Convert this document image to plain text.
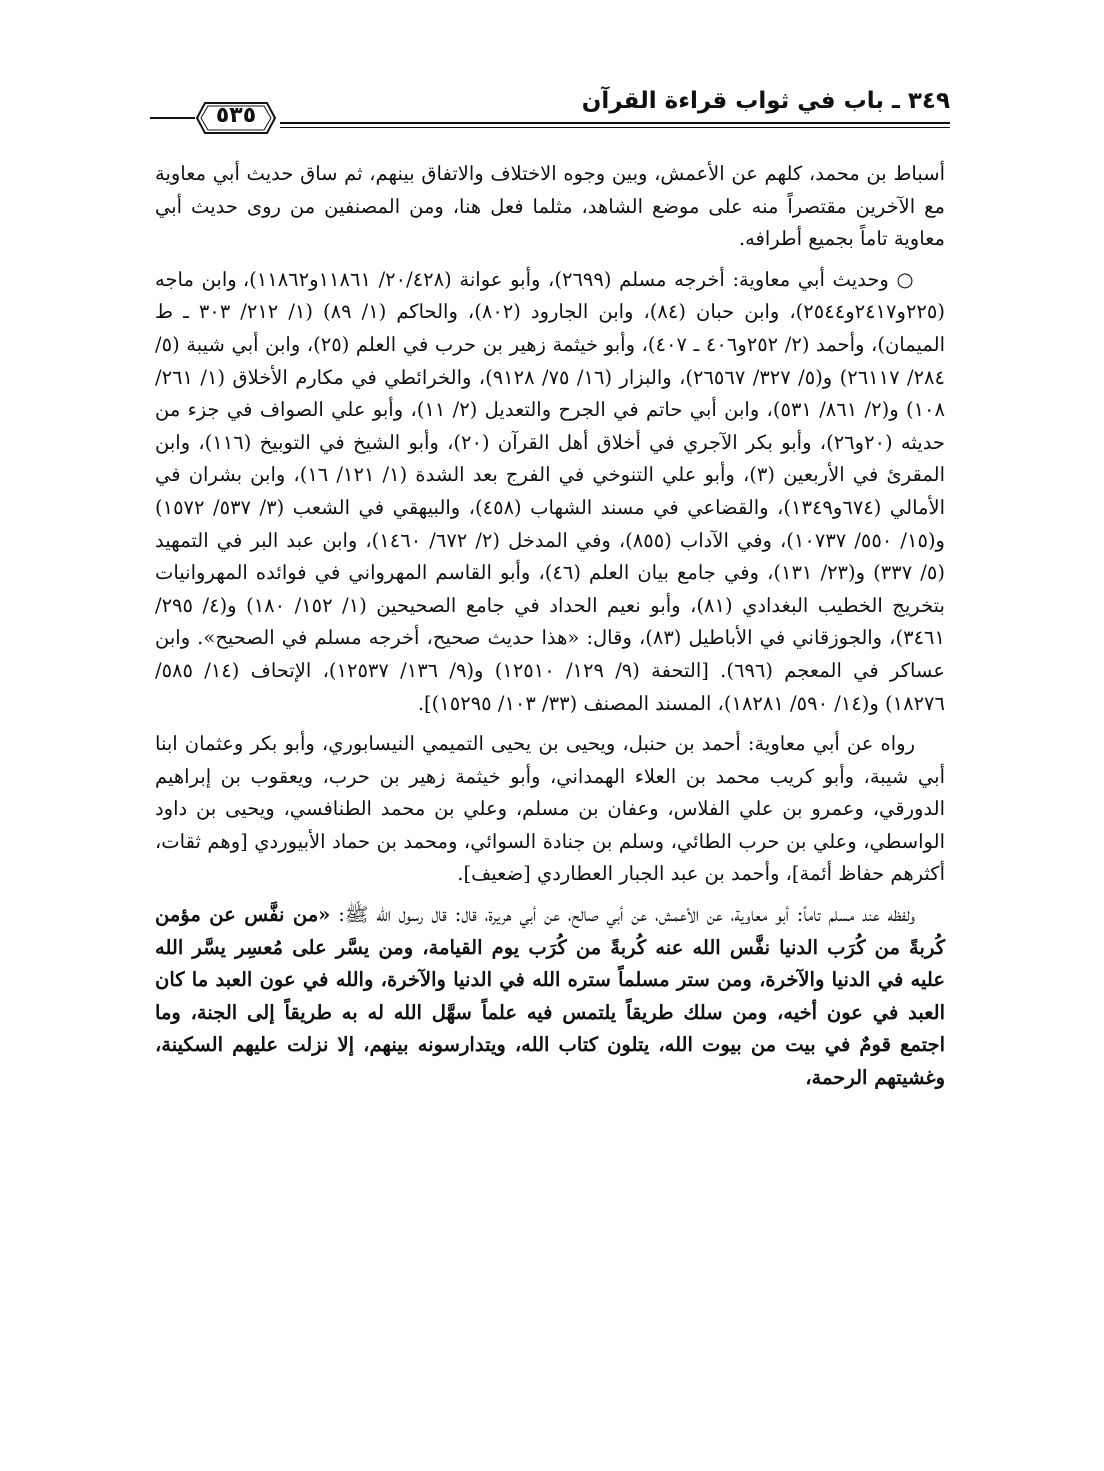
٣٤٩ ـ باب في ثواب قراءة القرآن
٥٣٥

أسباط بن محمد، كلهم عن الأعمش، وبين وجوه الاختلاف والاتفاق بينهم، ثم ساق حديث أبي معاوية مع الآخرين مقتصراً منه على موضع الشاهد، مثلما فعل هنا، ومن المصنفين من روى حديث أبي معاوية تاماً بجميع أطرافه.

○ وحديث أبي معاوية: أخرجه مسلم (٢٦٩٩)، وأبو عوانة (٢٠/٤٢٨/ ١١٨٦١و١١٨٦٢)، وابن ماجه (٢٢٥و٢٤١٧و٢٥٤٤)، وابن حبان (٨٤)، وابن الجارود (٨٠٢)، والحاكم (١/ ٨٩) (١/ ٢١٢/ ٣٠٣ ـ ط الميمان)، وأحمد (٢/ ٢٥٢و٤٠٦ ـ ٤٠٧)، وأبو خيثمة زهير بن حرب في العلم (٢٥)، وابن أبي شيبة (٥/ ٢٨٤/ ٢٦١١٧) و(٥/ ٣٢٧/ ٢٦٥٦٧)، والبزار (١٦/ ٧٥/ ٩١٢٨)، والخرائطي في مكارم الأخلاق (١/ ٢٦١/ ١٠٨) و(٢/ ٨٦١/ ٥٣١)، وابن أبي حاتم في الجرح والتعديل (٢/ ١١)، وأبو علي الصواف في جزء من حديثه (٢٠و٢٦)، وأبو بكر الآجري في أخلاق أهل القرآن (٢٠)، وأبو الشيخ في التوبيخ (١١٦)، وابن المقرئ في الأربعين (٣)، وأبو علي التنوخي في الفرج بعد الشدة (١/ ١٢١/ ١٦)، وابن بشران في الأمالي (٦٧٤و١٣٤٩)، والقضاعي في مسند الشهاب (٤٥٨)، والبيهقي في الشعب (٣/ ٥٣٧/ ١٥٧٢) و(١٥/ ٥٥٠/ ١٠٧٣٧)، وفي الآداب (٨٥٥)، وفي المدخل (٢/ ٦٧٢/ ١٤٦٠)، وابن عبد البر في التمهيد (٥/ ٣٣٧) و(٢٣/ ١٣١)، وفي جامع بيان العلم (٤٦)، وأبو القاسم المهرواني في فوائده المهروانيات بتخريج الخطيب البغدادي (٨١)، وأبو نعيم الحداد في جامع الصحيحين (١/ ١٥٢/ ١٨٠) و(٤/ ٢٩٥/ ٣٤٦١)، والجوزقاني في الأباطيل (٨٣)، وقال: «هذا حديث صحيح، أخرجه مسلم في الصحيح». وابن عساكر في المعجم (٦٩٦). [التحفة (٩/ ١٢٩/ ١٢٥١٠) و(٩/ ١٣٦/ ١٢٥٣٧)، الإتحاف (١٤/ ٥٨٥/ ١٨٢٧٦) و(١٤/ ٥٩٠/ ١٨٢٨١)، المسند المصنف (٣٣/ ١٠٣/ ١٥٢٩٥)].

رواه عن أبي معاوية: أحمد بن حنبل، ويحيى بن يحيى التميمي النيسابوري، وأبو بكر وعثمان ابنا أبي شيبة، وأبو كريب محمد بن العلاء الهمداني، وأبو خيثمة زهير بن حرب، ويعقوب بن إبراهيم الدورقي، وعمرو بن علي الفلاس، وعفان بن مسلم، وعلي بن محمد الطنافسي، ويحيى بن داود الواسطي، وعلي بن حرب الطائي، وسلم بن جنادة السوائي، ومحمد بن حماد الأبيوردي [وهم ثقات، أكثرهم حفاظ أئمة]، وأحمد بن عبد الجبار العطاردي [ضعيف].

ولفظه عند مسلم تاماً: أبو معاوية، عن الأعمش، عن أبي صالح، عن أبي هريرة، قال: قال رسول الله ﷺ: «من نفَّس عن مؤمن كُربةً من كُرَب الدنيا نفَّس الله عنه كُربةً من كُرَب يوم القيامة، ومن يسَّر على مُعسِر يسَّر الله عليه في الدنيا والآخرة، ومن ستر مسلماً ستره الله في الدنيا والآخرة، والله في عون العبد ما كان العبد في عون أخيه، ومن سلك طريقاً يلتمس فيه علماً سهَّل الله له به طريقاً إلى الجنة، وما اجتمع قومٌ في بيت من بيوت الله، يتلون كتاب الله، ويتدارسونه بينهم، إلا نزلت عليهم السكينة، وغشيتهم الرحمة،
